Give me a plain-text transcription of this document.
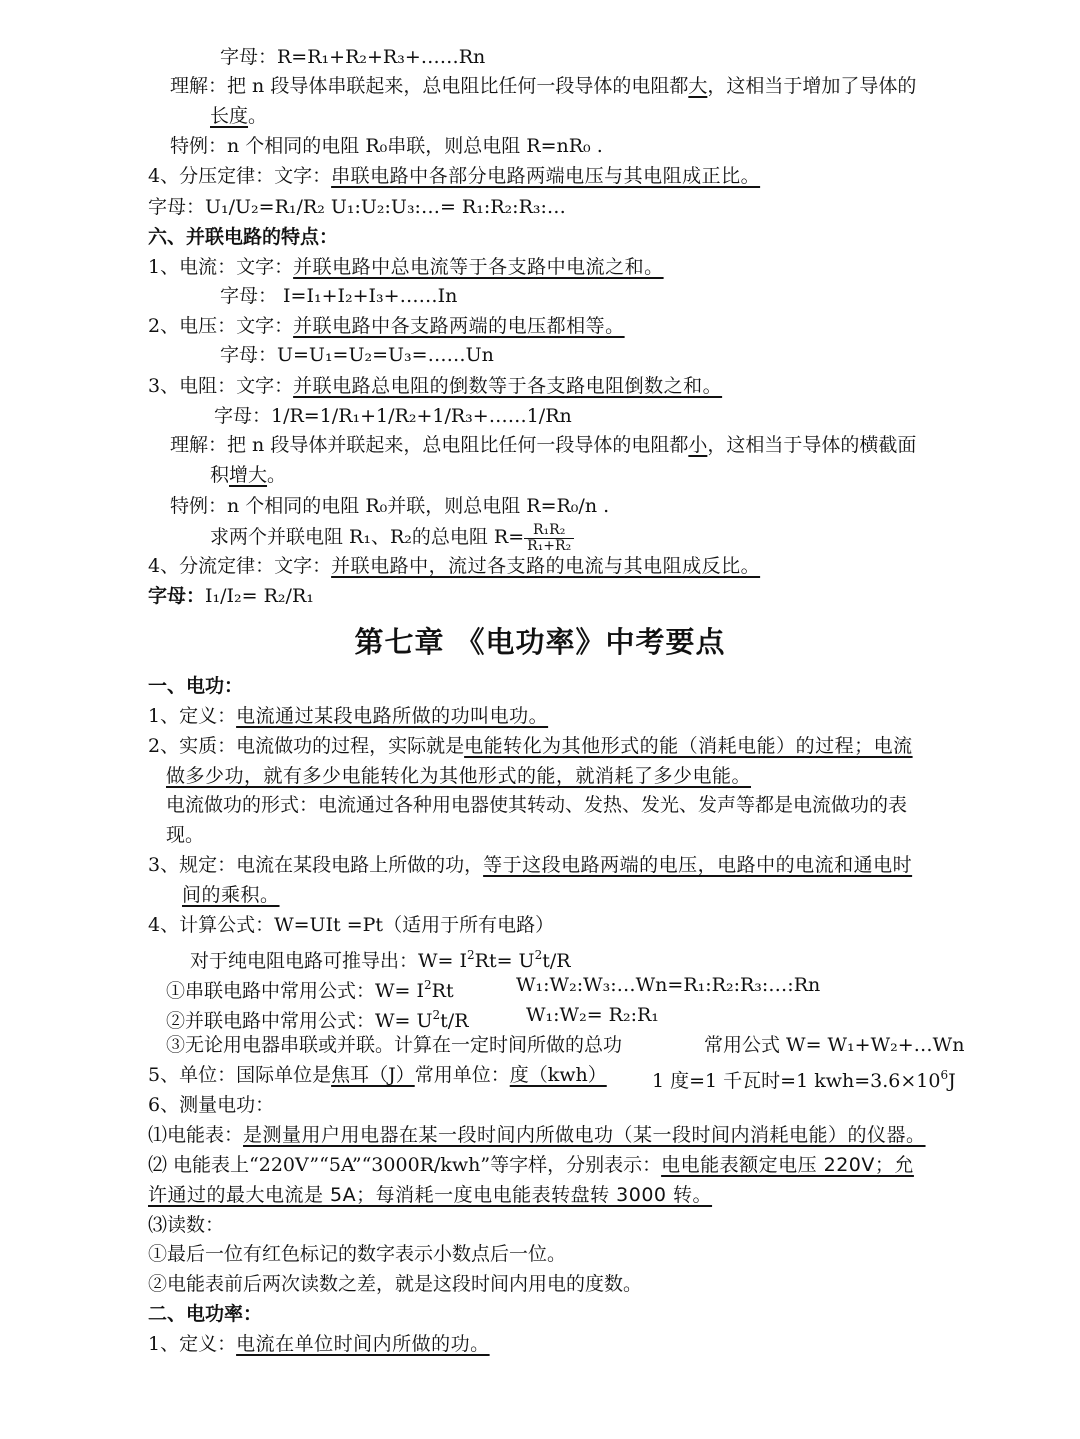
字母：R=R₁+R₂+R₃+……Rn
理解：把 n 段导体串联起来，总电阻比任何一段导体的电阻都大，这相当于增加了导体的
长度。
特例：n 个相同的电阻 R₀串联，则总电阻 R=nR₀ .
4、分压定律：文字：串联电路中各部分电路两端电压与其电阻成正比。
字母：U₁/U₂=R₁/R₂ U₁:U₂:U₃:…= R₁:R₂:R₃:…
六、并联电路的特点：
1、电流：文字：并联电路中总电流等于各支路中电流之和。
字母： I=I₁+I₂+I₃+……In
2、电压：文字：并联电路中各支路两端的电压都相等。
字母：U=U₁=U₂=U₃=……Un
3、电阻：文字：并联电路总电阻的倒数等于各支路电阻倒数之和。
字母：1/R=1/R₁+1/R₂+1/R₃+……1/Rn
理解：把 n 段导体并联起来，总电阻比任何一段导体的电阻都小，这相当于导体的横截面
积增大。
特例：n 个相同的电阻 R₀并联，则总电阻 R=R₀/n .
求两个并联电阻 R₁、R₂的总电阻 $R= \frac{\text{R₁R₂}}{\text{R₁+R₂}}$
4、分流定律：文字：并联电路中，流过各支路的电流与其电阻成反比。
字母：I₁/I₂= R₂/R₁
第七章 《电功率》中考要点
一、电功：
1、定义：电流通过某段电路所做的功叫电功。
2、实质：电流做功的过程，实际就是电能转化为其他形式的能（消耗电能）的过程；电流
做多少功，就有多少电能转化为其他形式的能，就消耗了多少电能。
电流做功的形式：电流通过各种用电器使其转动、发热、发光、发声等都是电流做功的表
现。
3、规定：电流在某段电路上所做的功，等于这段电路两端的电压，电路中的电流和通电时
间的乘积。
4、计算公式：W=UIt =Pt（适用于所有电路）
对于纯电阻电路可推导出：$W= I^2Rt= U^2t/R$
①串联电路中常用公式：$W= I^2Rt$	W₁:W₂:W₃:…Wn=R₁:R₂:R₃:…:Rn
②并联电路中常用公式：$W= U^2t/R$	W₁:W₂= R₂:R₁
③无论用电器串联或并联。计算在一定时间所做的总功	常用公式 W= W₁+W₂+…Wn
5、单位：国际单位是焦耳（J）常用单位：度（kwh） 1 度=1 千瓦时=1 $kwh=3.6\times 10^6J$
6、测量电功：
⑴电能表：是测量用户用电器在某一段时间内所做电功（某一段时间内消耗电能）的仪器。
⑵ 电能表上“220V”“5A”“3000R/kwh”等字样，分别表示：电电能表额定电压 220V；允
许通过的最大电流是 5A；每消耗一度电电能表转盘转 3000 转。
⑶读数：
①最后一位有红色标记的数字表示小数点后一位。
②电能表前后两次读数之差，就是这段时间内用电的度数。
二、电功率：
1、定义：电流在单位时间内所做的功。
